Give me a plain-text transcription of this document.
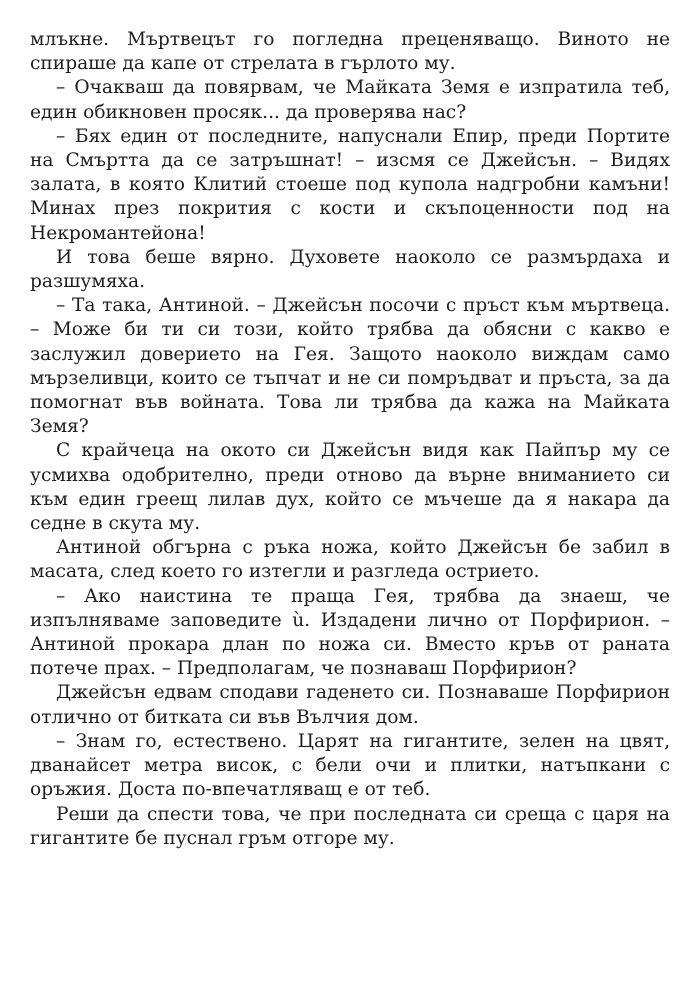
млъкне. Мъртвецът го погледна преценяващо. Виното не спираше да капе от стрелата в гърлото му.

– Очакваш да повярвам, че Майката Земя е изпратила теб, един обикновен просяк... да проверява нас?

– Бях един от последните, напуснали Епир, преди Портите на Смъртта да се затръшнат! – изсмя се Джейсън. – Видях залата, в която Клитий стоеше под купола надгробни камъни! Минах през покрития с кости и скъпоценности под на Некромантейона!

И това беше вярно. Духовете наоколо се размърдаха и разшумяха.

– Та така, Антиной. – Джейсън посочи с пръст към мъртвеца. – Може би ти си този, който трябва да обясни с какво е заслужил доверието на Гея. Защото наоколо виждам само мързеливци, които се тъпчат и не си помръдват и пръста, за да помогнат във войната. Това ли трябва да кажа на Майката Земя?

С крайчеца на окото си Джейсън видя как Пайпър му се усмихва одобрително, преди отново да върне вниманието си към един греещ лилав дух, който се мъчеше да я накара да седне в скута му.

Антиной обгърна с ръка ножа, който Джейсън бе забил в масата, след което го изтегли и разгледа острието.

– Ако наистина те праща Гея, трябва да знаеш, че изпълняваме заповедите ù. Издадени лично от Порфирион. – Антиной прокара длан по ножа си. Вместо кръв от раната потече прах. – Предполагам, че познаваш Порфирион?

Джейсън едвам сподави гаденето си. Познаваше Порфирион отлично от битката си във Вълчия дом.

– Знам го, естествено. Царят на гигантите, зелен на цвят, дванайсет метра висок, с бели очи и плитки, натъпкани с оръжия. Доста по-впечатляващ е от теб.

Реши да спести това, че при последната си среща с царя на гигантите бе пуснал гръм отгоре му.
